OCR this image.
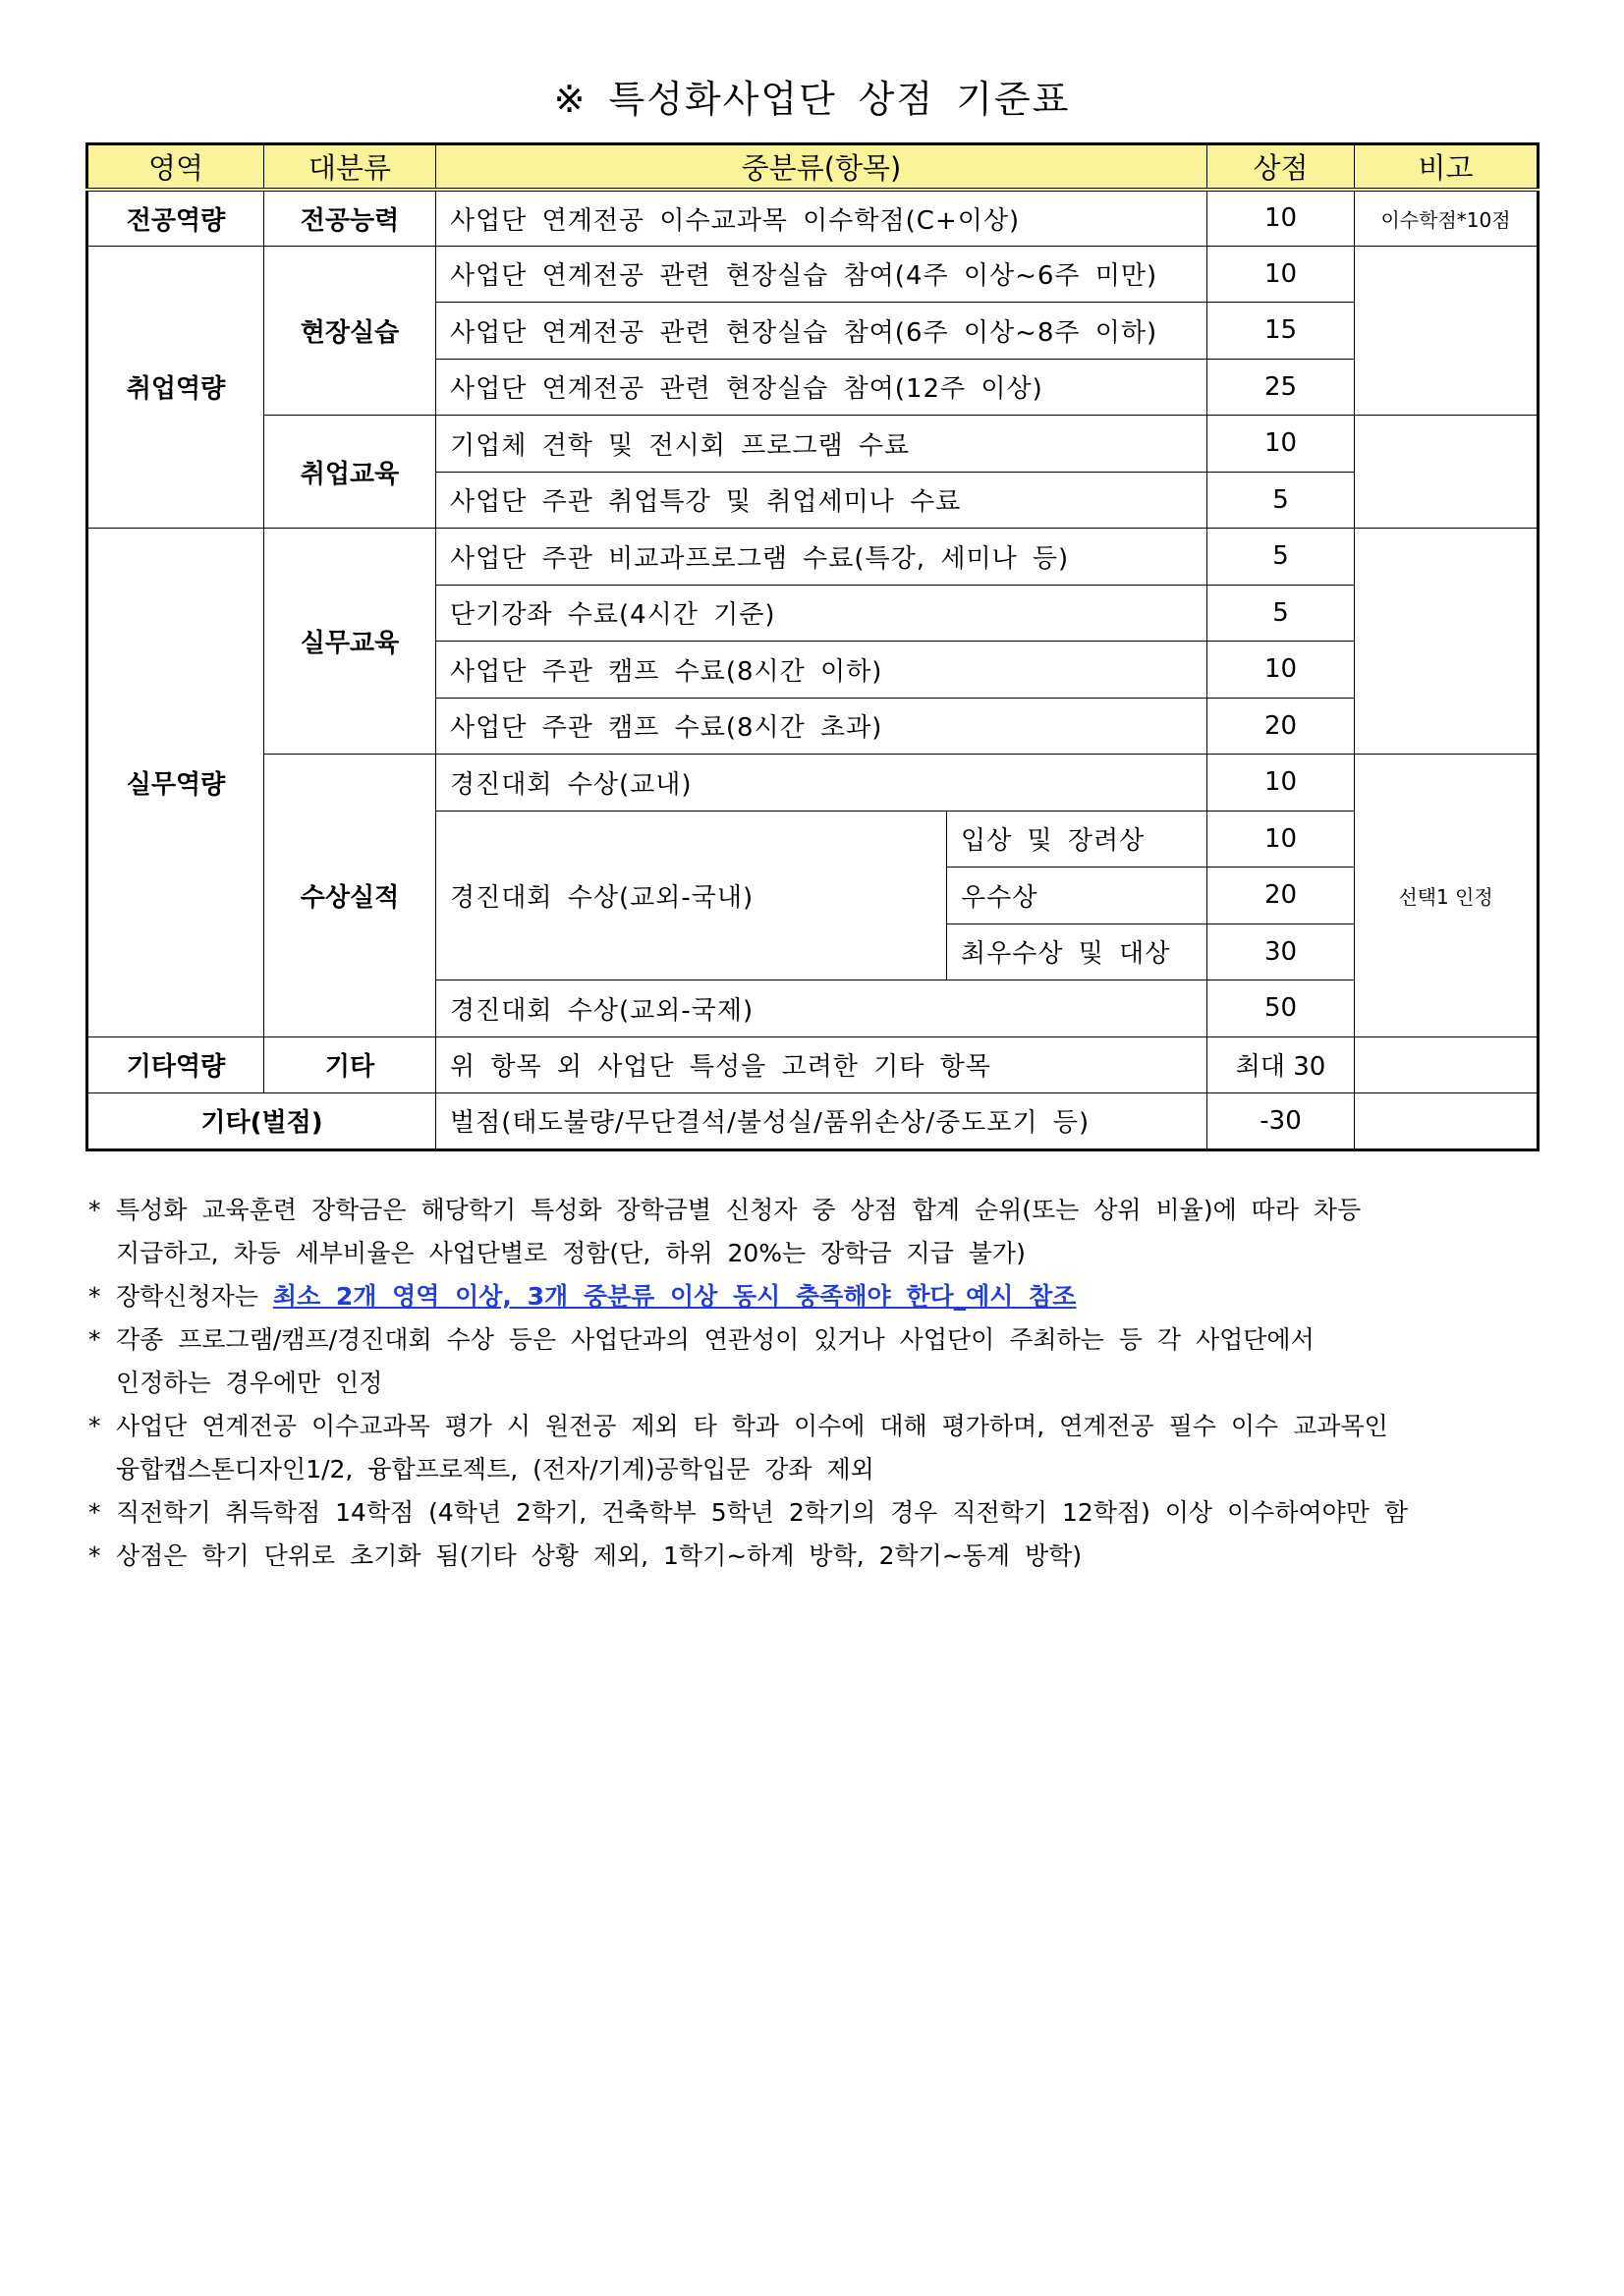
※ 특성화사업단 상점 기준표
영역	대분류	중분류(항목)		상점	비고
전공역량	전공능력	사업단 연계전공 이수교과목 이수학점(C+이상)		10	이수학점*10점
취업역량	현장실습	사업단 연계전공 관련 현장실습 참여(4주 이상~6주 미만)		10	
		사업단 연계전공 관련 현장실습 참여(6주 이상~8주 이하)		15	
		사업단 연계전공 관련 현장실습 참여(12주 이상)		25	
	취업교육	기업체 견학 및 전시회 프로그램 수료		10	
		사업단 주관 취업특강 및 취업세미나 수료		5	
실무역량	실무교육	사업단 주관 비교과프로그램 수료(특강, 세미나 등)		5	
		단기강좌 수료(4시간 기준)		5	
		사업단 주관 캠프 수료(8시간 이하)		10	
		사업단 주관 캠프 수료(8시간 초과)		20	
	수상실적	경진대회 수상(교내)		10	선택1 인정
		경진대회 수상(교외-국내)	입상 및 장려상	10	
			우수상	20	
			최우수상 및 대상	30	
		경진대회 수상(교외-국제)		50	
기타역량	기타	위 항목 외 사업단 특성을 고려한 기타 항목		최대 30	
기타(벌점)		벌점(태도불량/무단결석/불성실/품위손상/중도포기 등)		-30	
* 특성화 교육훈련 장학금은 해당학기 특성화 장학금별 신청자 중 상점 합계 순위(또는 상위 비율)에 따라 차등
지급하고, 차등 세부비율은 사업단별로 정함(단, 하위 20%는 장학금 지급 불가)
* 장학신청자는 최소 2개 영역 이상, 3개 중분류 이상 동시 충족해야 한다_예시 참조
* 각종 프로그램/캠프/경진대회 수상 등은 사업단과의 연관성이 있거나 사업단이 주최하는 등 각 사업단에서
인정하는 경우에만 인정
* 사업단 연계전공 이수교과목 평가 시 원전공 제외 타 학과 이수에 대해 평가하며, 연계전공 필수 이수 교과목인
융합캡스톤디자인1/2, 융합프로젝트, (전자/기계)공학입문 강좌 제외
* 직전학기 취득학점 14학점 (4학년 2학기, 건축학부 5학년 2학기의 경우 직전학기 12학점) 이상 이수하여야만 함
* 상점은 학기 단위로 초기화 됨(기타 상황 제외, 1학기~하계 방학, 2학기~동계 방학)
